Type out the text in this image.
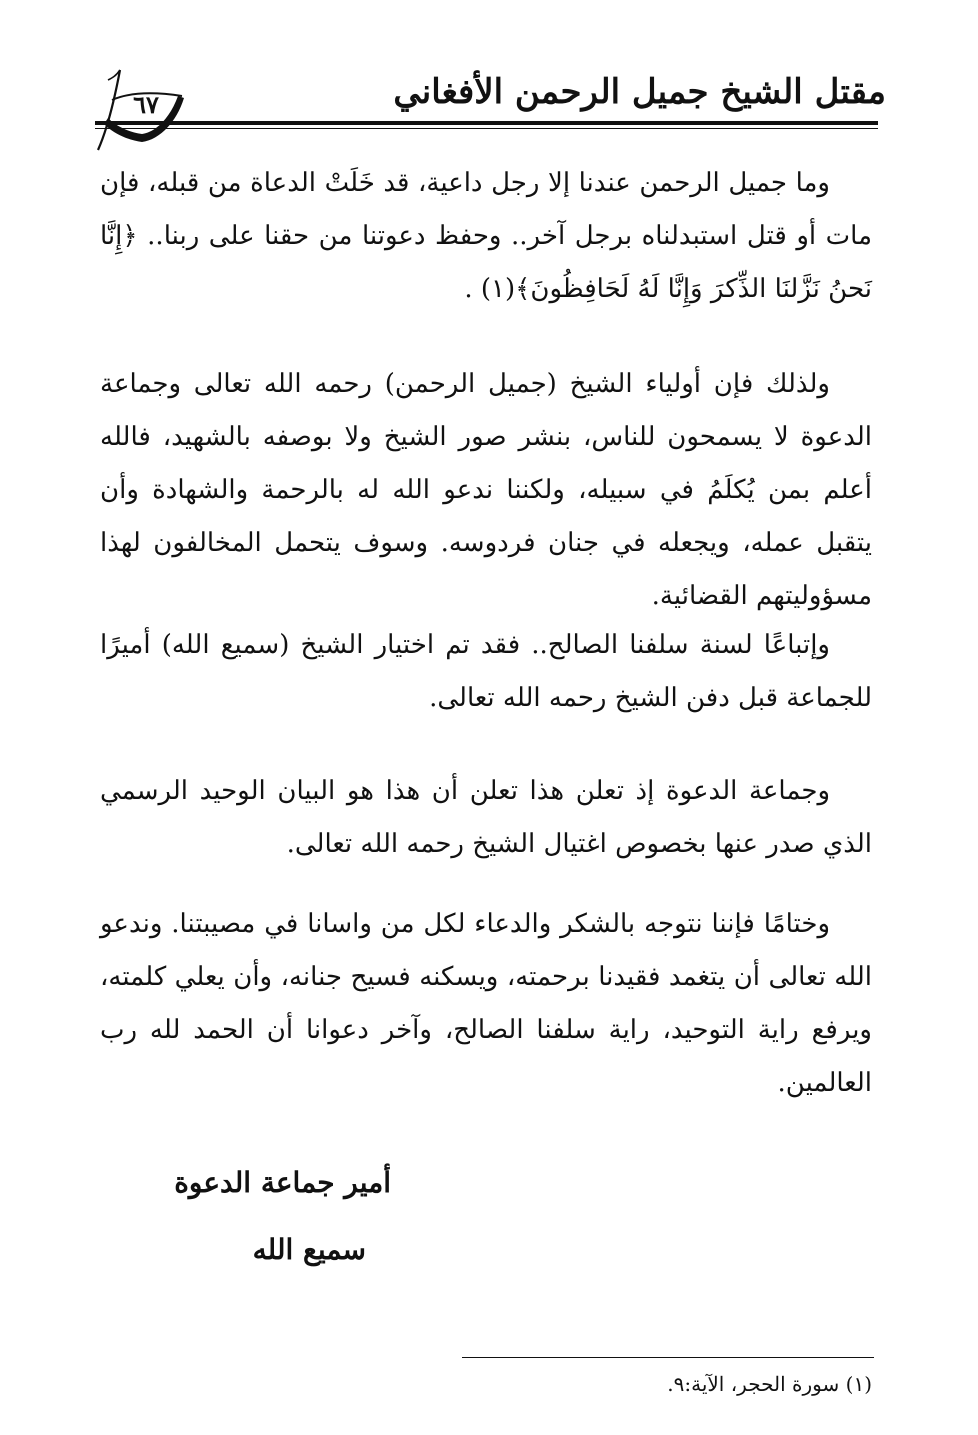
مقتل الشيخ جميل الرحمن الأفغاني
٦٧

وما جميل الرحمن عندنا إلا رجل داعية، قد خَلَتْ الدعاة من قبله، فإن مات أو قتل استبدلناه برجل آخر.. وحفظ دعوتنا من حقنا على ربنا.. ﴿إِنَّا نَحنُ نَزَّلنَا الذِّكرَ وَإِنَّا لَهُ لَحَافِظُونَ﴾(١) .

ولذلك فإن أولياء الشيخ (جميل الرحمن) رحمه الله تعالى وجماعة الدعوة لا يسمحون للناس، بنشر صور الشيخ ولا بوصفه بالشهيد، فالله أعلم بمن يُكلَمُ في سبيله، ولكننا ندعو الله له بالرحمة والشهادة وأن يتقبل عمله، ويجعله في جنان فردوسه. وسوف يتحمل المخالفون لهذا مسؤوليتهم القضائية.

وإتباعًا لسنة سلفنا الصالح.. فقد تم اختيار الشيخ (سميع الله) أميرًا للجماعة قبل دفن الشيخ رحمه الله تعالى.

وجماعة الدعوة إذ تعلن هذا تعلن أن هذا هو البيان الوحيد الرسمي الذي صدر عنها بخصوص اغتيال الشيخ رحمه الله تعالى.

وختامًا فإننا نتوجه بالشكر والدعاء لكل من واسانا في مصيبتنا. وندعو الله تعالى أن يتغمد فقيدنا برحمته، ويسكنه فسيح جنانه، وأن يعلي كلمته، ويرفع راية التوحيد، راية سلفنا الصالح، وآخر دعوانا أن الحمد لله رب العالمين.

أمير جماعة الدعوة
سميع الله
(١) سورة الحجر، الآية:٩.
